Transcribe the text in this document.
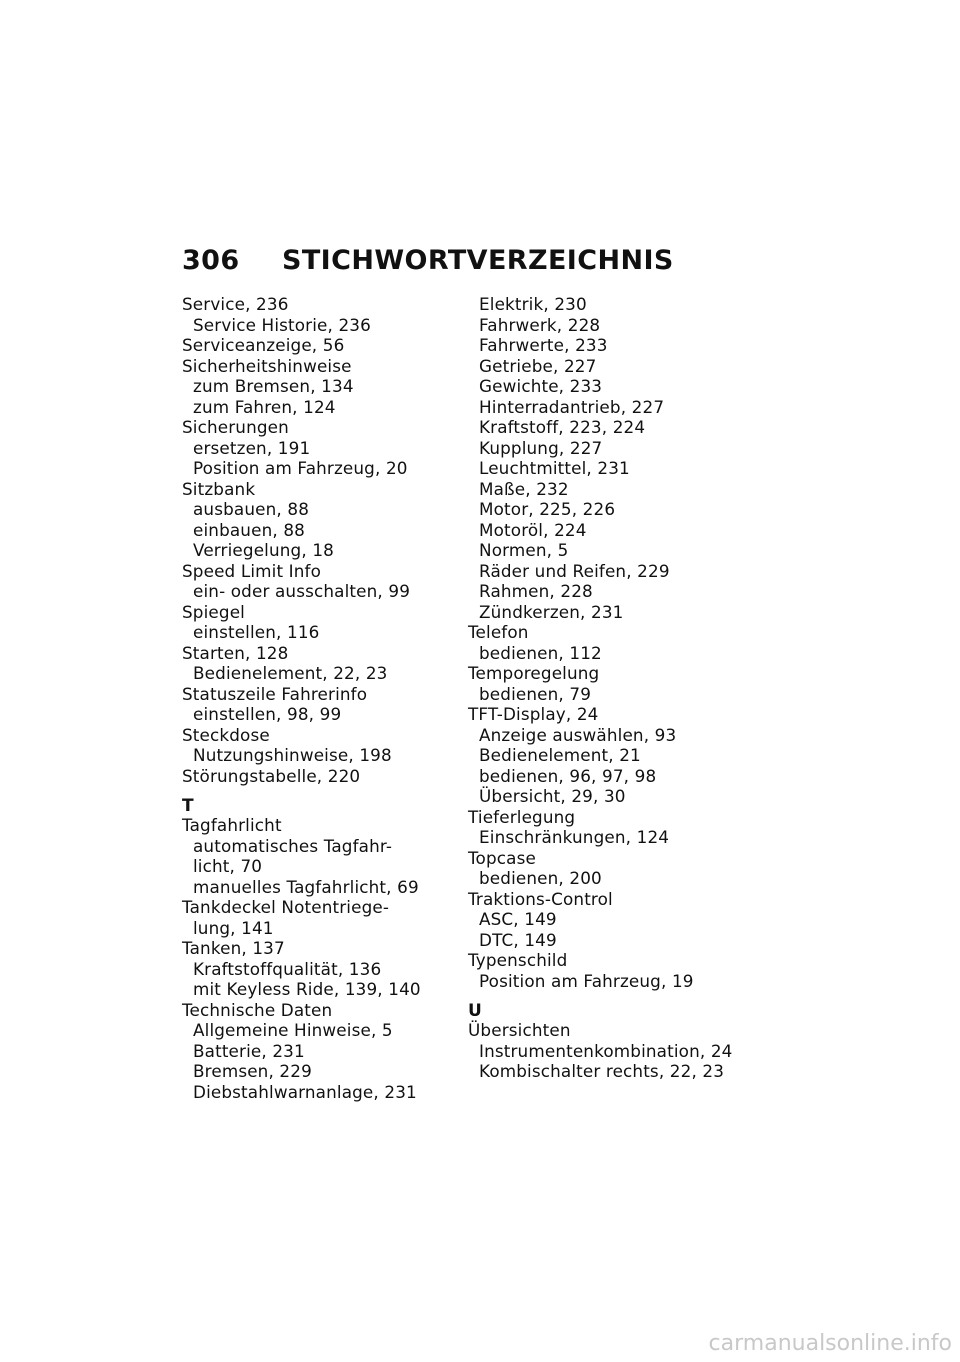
306 STICHWORTVERZEICHNIS
Service, 236
Service Historie, 236
Serviceanzeige, 56
Sicherheitshinweise
zum Bremsen, 134
zum Fahren, 124
Sicherungen
ersetzen, 191
Position am Fahrzeug, 20
Sitzbank
ausbauen, 88
einbauen, 88
Verriegelung, 18
Speed Limit Info
ein- oder ausschalten, 99
Spiegel
einstellen, 116
Starten, 128
Bedienelement, 22, 23
Statuszeile Fahrerinfo
einstellen, 98, 99
Steckdose
Nutzungshinweise, 198
Störungstabelle, 220
T
Tagfahrlicht
automatisches Tagfahr-
licht, 70
manuelles Tagfahrlicht, 69
Tankdeckel Notentriege-
lung, 141
Tanken, 137
Kraftstoffqualität, 136
mit Keyless Ride, 139, 140
Technische Daten
Allgemeine Hinweise, 5
Batterie, 231
Bremsen, 229
Diebstahlwarnanlage, 231
Elektrik, 230
Fahrwerk, 228
Fahrwerte, 233
Getriebe, 227
Gewichte, 233
Hinterradantrieb, 227
Kraftstoff, 223, 224
Kupplung, 227
Leuchtmittel, 231
Maße, 232
Motor, 225, 226
Motoröl, 224
Normen, 5
Räder und Reifen, 229
Rahmen, 228
Zündkerzen, 231
Telefon
bedienen, 112
Temporegelung
bedienen, 79
TFT-Display, 24
Anzeige auswählen, 93
Bedienelement, 21
bedienen, 96, 97, 98
Übersicht, 29, 30
Tieferlegung
Einschränkungen, 124
Topcase
bedienen, 200
Traktions-Control
ASC, 149
DTC, 149
Typenschild
Position am Fahrzeug, 19
U
Übersichten
Instrumentenkombination, 24
Kombischalter rechts, 22, 23
carmanualsonline.info
